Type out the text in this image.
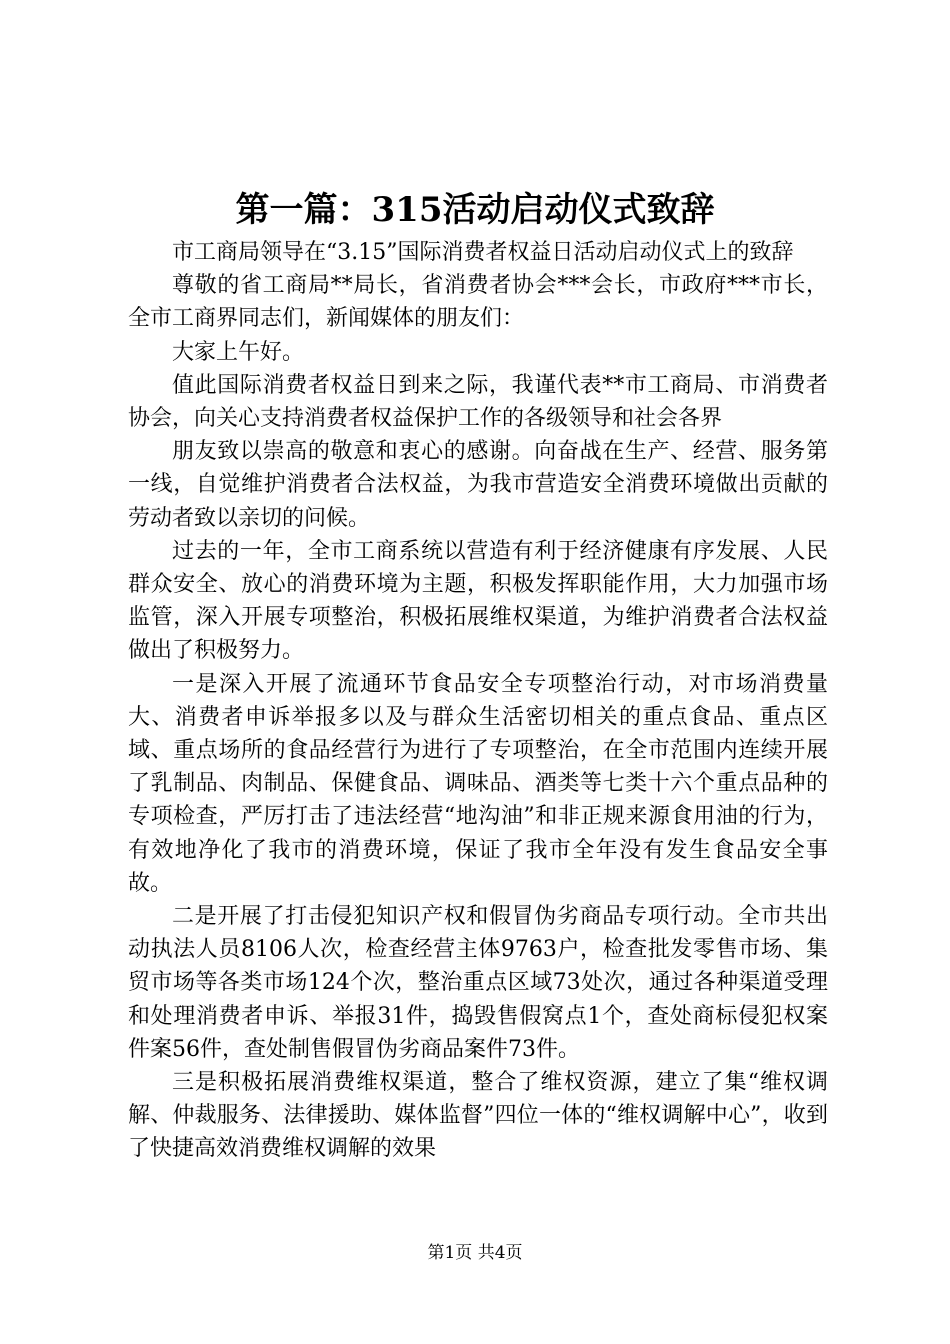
第一篇：315活动启动仪式致辞

市工商局领导在“3.15”国际消费者权益日活动启动仪式上的致辞

尊敬的省工商局**局长，省消费者协会***会长，市政府***市长，全市工商界同志们，新闻媒体的朋友们：

大家上午好。

值此国际消费者权益日到来之际，我谨代表**市工商局、市消费者协会，向关心支持消费者权益保护工作的各级领导和社会各界

朋友致以崇高的敬意和衷心的感谢。向奋战在生产、经营、服务第一线，自觉维护消费者合法权益，为我市营造安全消费环境做出贡献的劳动者致以亲切的问候。

过去的一年，全市工商系统以营造有利于经济健康有序发展、人民群众安全、放心的消费环境为主题，积极发挥职能作用，大力加强市场监管，深入开展专项整治，积极拓展维权渠道，为维护消费者合法权益做出了积极努力。

一是深入开展了流通环节食品安全专项整治行动，对市场消费量大、消费者申诉举报多以及与群众生活密切相关的重点食品、重点区域、重点场所的食品经营行为进行了专项整治，在全市范围内连续开展了乳制品、肉制品、保健食品、调味品、酒类等七类十六个重点品种的专项检查，严厉打击了违法经营“地沟油”和非正规来源食用油的行为，有效地净化了我市的消费环境，保证了我市全年没有发生食品安全事故。

二是开展了打击侵犯知识产权和假冒伪劣商品专项行动。全市共出动执法人员8106人次，检查经营主体9763户，检查批发零售市场、集贸市场等各类市场124个次，整治重点区域73处次，通过各种渠道受理和处理消费者申诉、举报31件，捣毁售假窝点1个，查处商标侵犯权案件案56件，查处制售假冒伪劣商品案件73件。

三是积极拓展消费维权渠道，整合了维权资源，建立了集“维权调解、仲裁服务、法律援助、媒体监督”四位一体的“维权调解中心”，收到了快捷高效消费维权调解的效果

第1页 共4页
